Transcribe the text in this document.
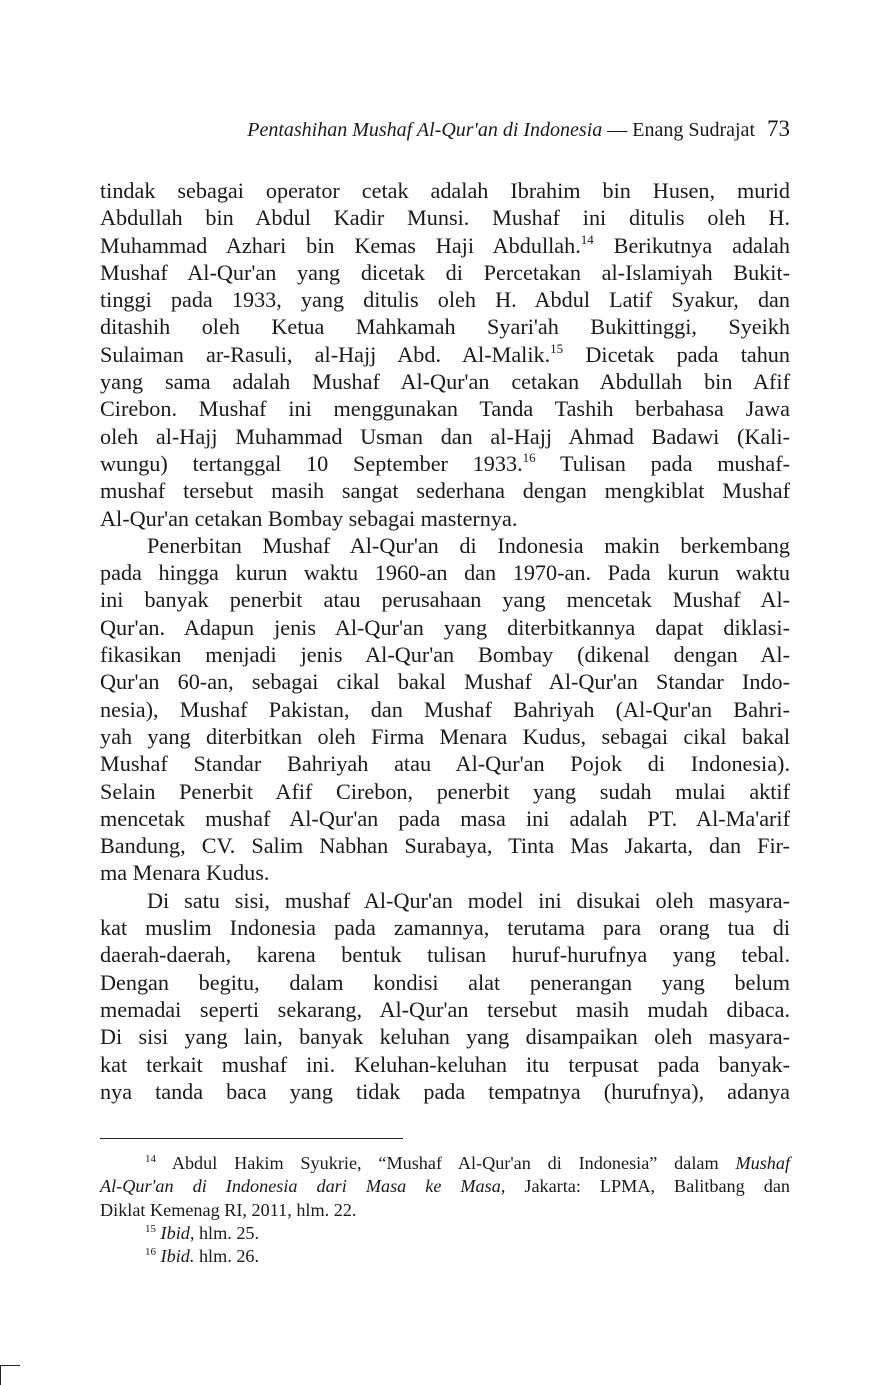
Pentashihan Mushaf Al-Qur'an di Indonesia — Enang Sudrajat 73
tindak sebagai operator cetak adalah Ibrahim bin Husen, murid
Abdullah bin Abdul Kadir Munsi. Mushaf ini ditulis oleh H.
Muhammad Azhari bin Kemas Haji Abdullah.$^{14}$ Berikutnya adalah
Mushaf Al-Qur'an yang dicetak di Percetakan al-Islamiyah Bukit-
tinggi pada 1933, yang ditulis oleh H. Abdul Latif Syakur, dan
ditashih oleh Ketua Mahkamah Syari'ah Bukittinggi, Syeikh
Sulaiman ar-Rasuli, al-Hajj Abd. Al-Malik.$^{15}$ Dicetak pada tahun
yang sama adalah Mushaf Al-Qur'an cetakan Abdullah bin Afif
Cirebon. Mushaf ini menggunakan Tanda Tashih berbahasa Jawa
oleh al-Hajj Muhammad Usman dan al-Hajj Ahmad Badawi (Kali-
wungu) tertanggal 10 September 1933.16 Tulisan pada mushaf-
mushaf tersebut masih sangat sederhana dengan mengkiblat Mushaf
Al-Qur'an cetakan Bombay sebagai masternya.
Penerbitan Mushaf Al-Qur'an di Indonesia makin berkembang
pada hingga kurun waktu 1960-an dan 1970-an. Pada kurun waktu
ini banyak penerbit atau perusahaan yang mencetak Mushaf Al-
Qur'an. Adapun jenis Al-Qur'an yang diterbitkannya dapat diklasi-
fikasikan menjadi jenis Al-Qur'an Bombay (dikenal dengan Al-
Qur'an 60-an, sebagai cikal bakal Mushaf Al-Qur'an Standar Indo-
nesia), Mushaf Pakistan, dan Mushaf Bahriyah (Al-Qur'an Bahri-
yah yang diterbitkan oleh Firma Menara Kudus, sebagai cikal bakal
Mushaf Standar Bahriyah atau Al-Qur'an Pojok di Indonesia).
Selain Penerbit Afif Cirebon, penerbit yang sudah mulai aktif
mencetak mushaf Al-Qur'an pada masa ini adalah PT. Al-Ma'arif
Bandung, CV. Salim Nabhan Surabaya, Tinta Mas Jakarta, dan Fir-
ma Menara Kudus.
Di satu sisi, mushaf Al-Qur'an model ini disukai oleh masyara-
kat muslim Indonesia pada zamannya, terutama para orang tua di
daerah-daerah, karena bentuk tulisan huruf-hurufnya yang tebal.
Dengan begitu, dalam kondisi alat penerangan yang belum
memadai seperti sekarang, Al-Qur'an tersebut masih mudah dibaca.
Di sisi yang lain, banyak keluhan yang disampaikan oleh masyara-
kat terkait mushaf ini. Keluhan-keluhan itu terpusat pada banyak-
nya tanda baca yang tidak pada tempatnya (hurufnya), adanya
$^{14}$ Abdul Hakim Syukrie, “Mushaf Al-Qur'an di Indonesia” dalam Mushaf
Al-Qur'an di Indonesia dari Masa ke Masa, Jakarta: LPMA, Balitbang dan
Diklat Kemenag RI, 2011, hlm. 22.
$^{15}$ Ibid, hlm. 25.
$^{16}$ Ibid. hlm. 26.
